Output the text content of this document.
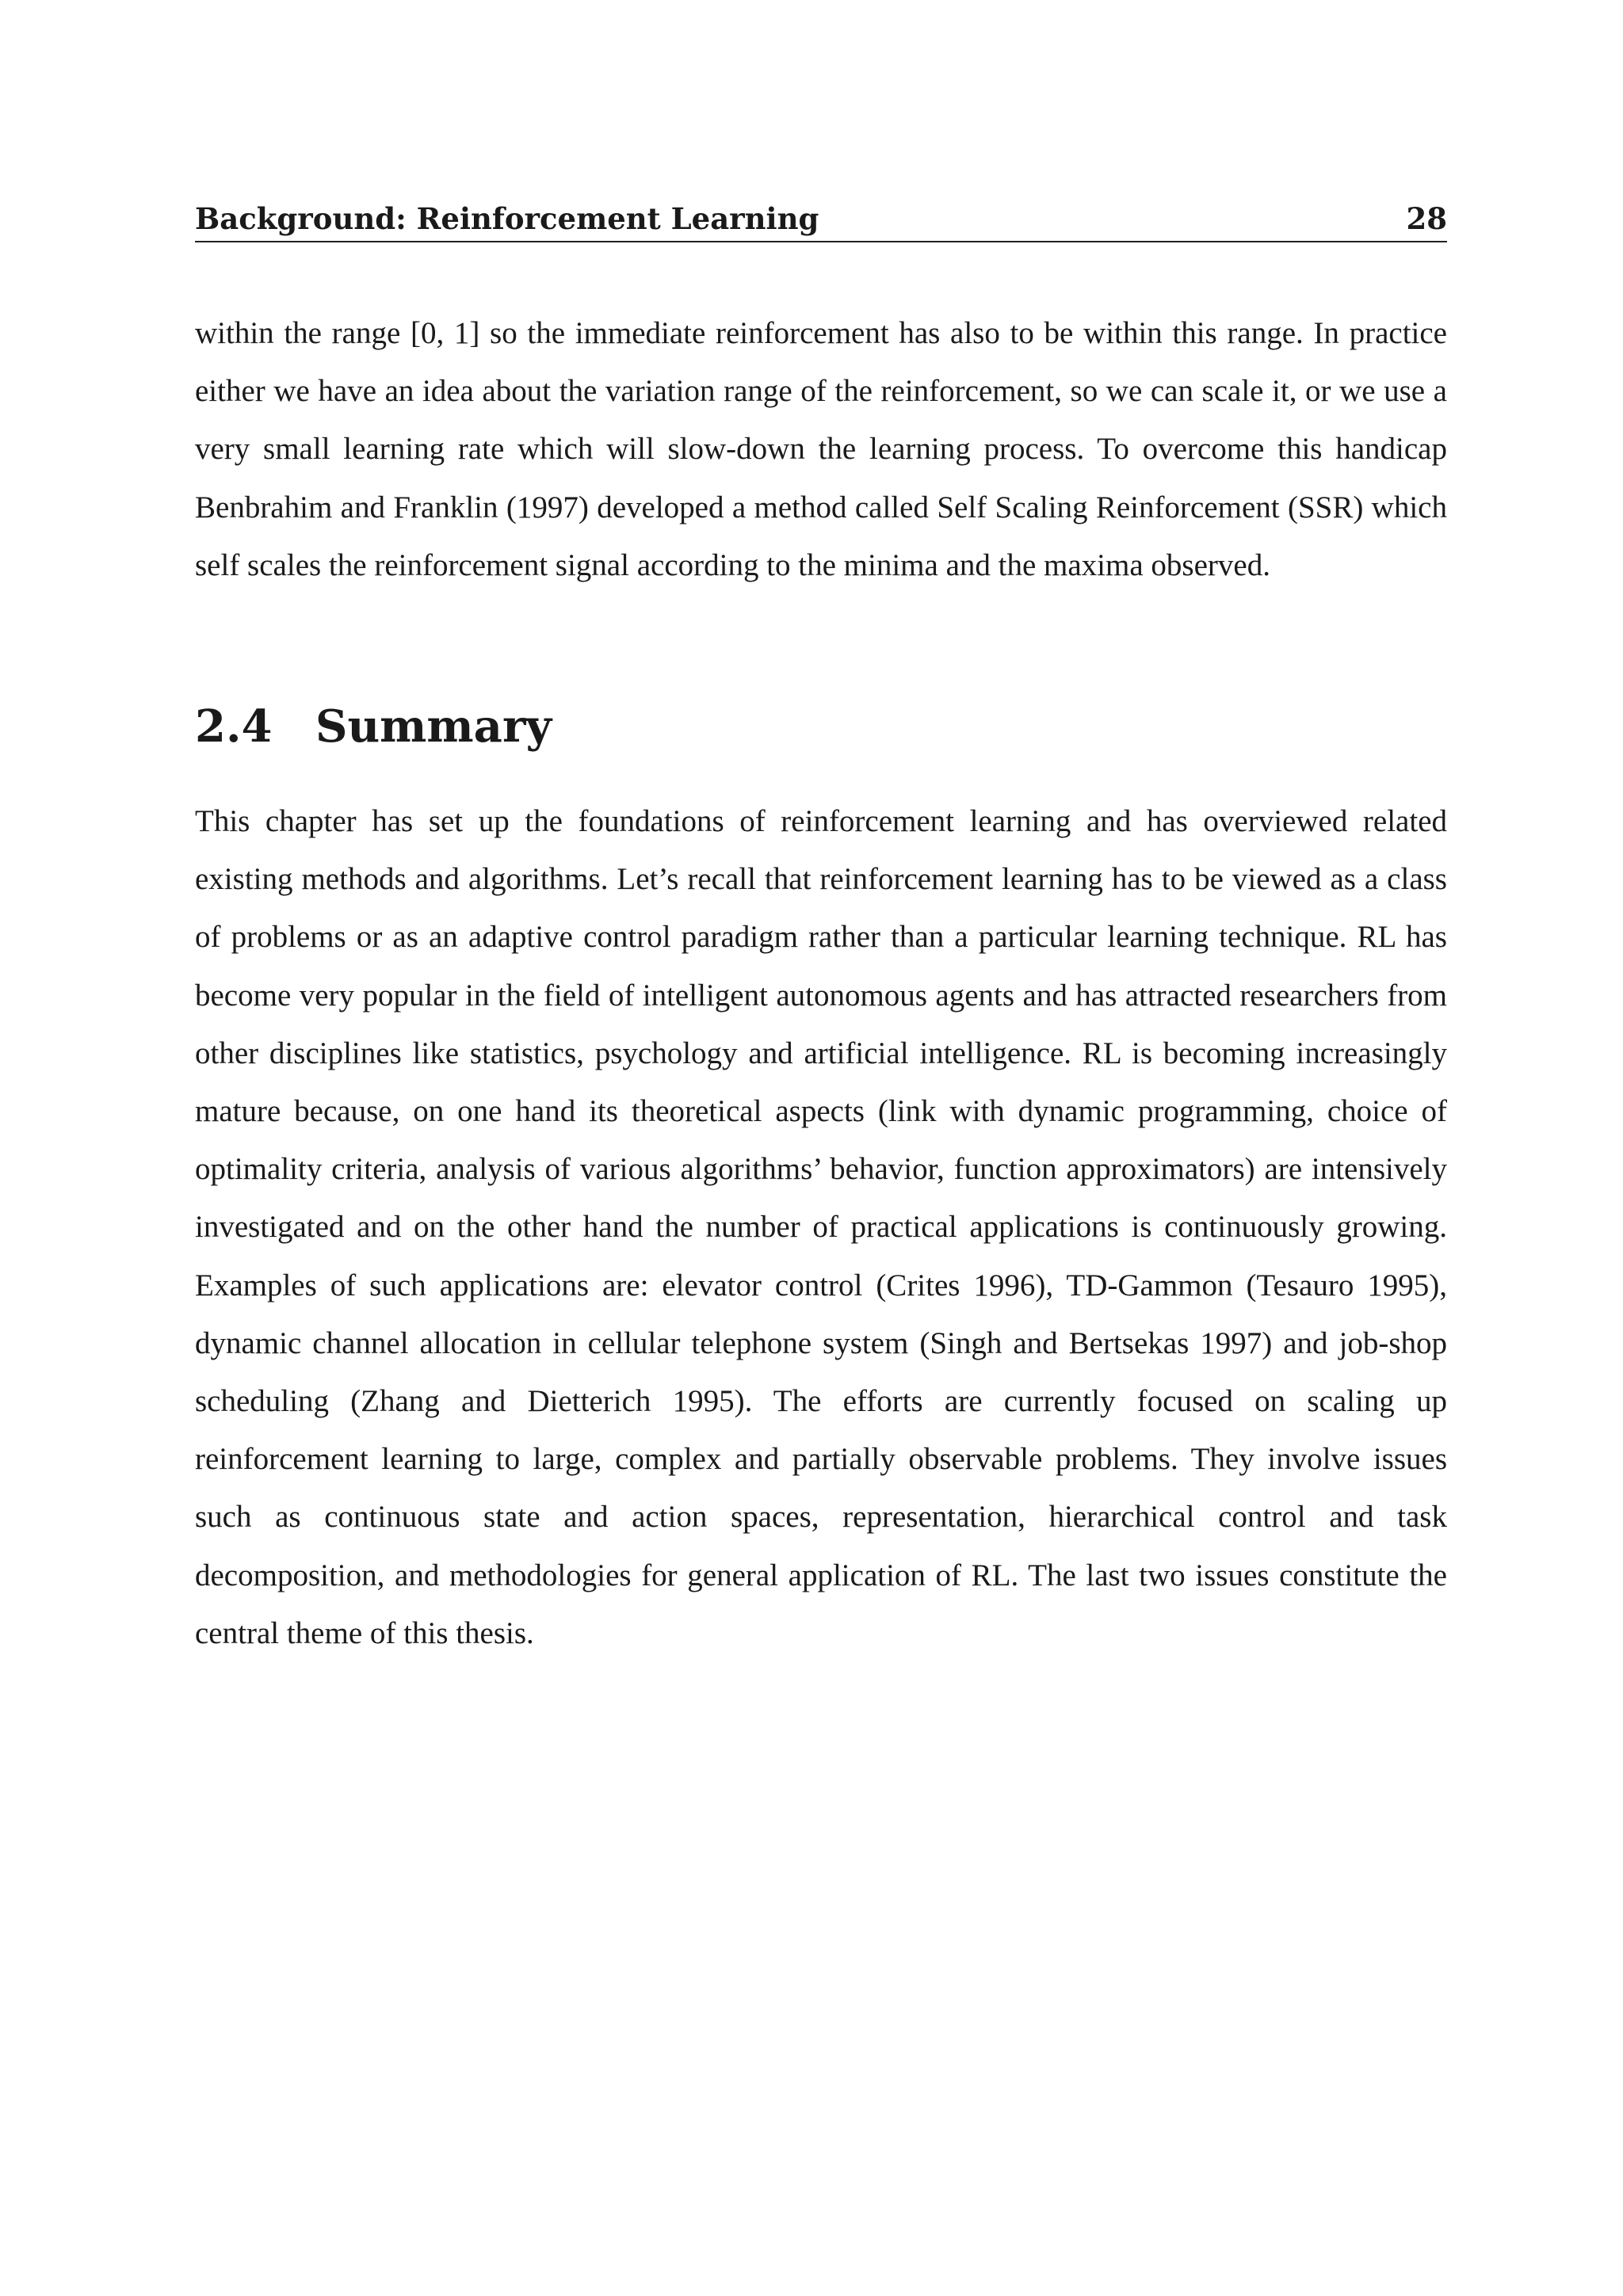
Background: Reinforcement Learning	28

within the range [0, 1] so the immediate reinforcement has also to be within this range. In practice either we have an idea about the variation range of the reinforcement, so we can scale it, or we use a very small learning rate which will slow-down the learning process. To overcome this handicap Benbrahim and Franklin (1997) developed a method called Self Scaling Reinforcement (SSR) which self scales the reinforcement signal according to the minima and the maxima observed.

2.4 Summary

This chapter has set up the foundations of reinforcement learning and has overviewed related existing methods and algorithms. Let’s recall that reinforcement learning has to be viewed as a class of problems or as an adaptive control paradigm rather than a particular learning technique. RL has become very popular in the field of intelligent autonomous agents and has attracted researchers from other disciplines like statistics, psychology and artificial intelligence. RL is becoming increasingly mature because, on one hand its theoretical aspects (link with dynamic programming, choice of optimality criteria, analysis of various algorithms’ behavior, function approximators) are intensively investigated and on the other hand the number of practical applications is continuously growing. Examples of such applications are: elevator control (Crites 1996), TD-Gammon (Tesauro 1995), dynamic channel allocation in cellular telephone system (Singh and Bertsekas 1997) and job-shop scheduling (Zhang and Dietterich 1995). The efforts are currently focused on scaling up reinforcement learning to large, complex and partially observable problems. They involve issues such as continuous state and action spaces, representation, hierarchical control and task decomposition, and methodologies for general application of RL. The last two issues constitute the central theme of this thesis.
